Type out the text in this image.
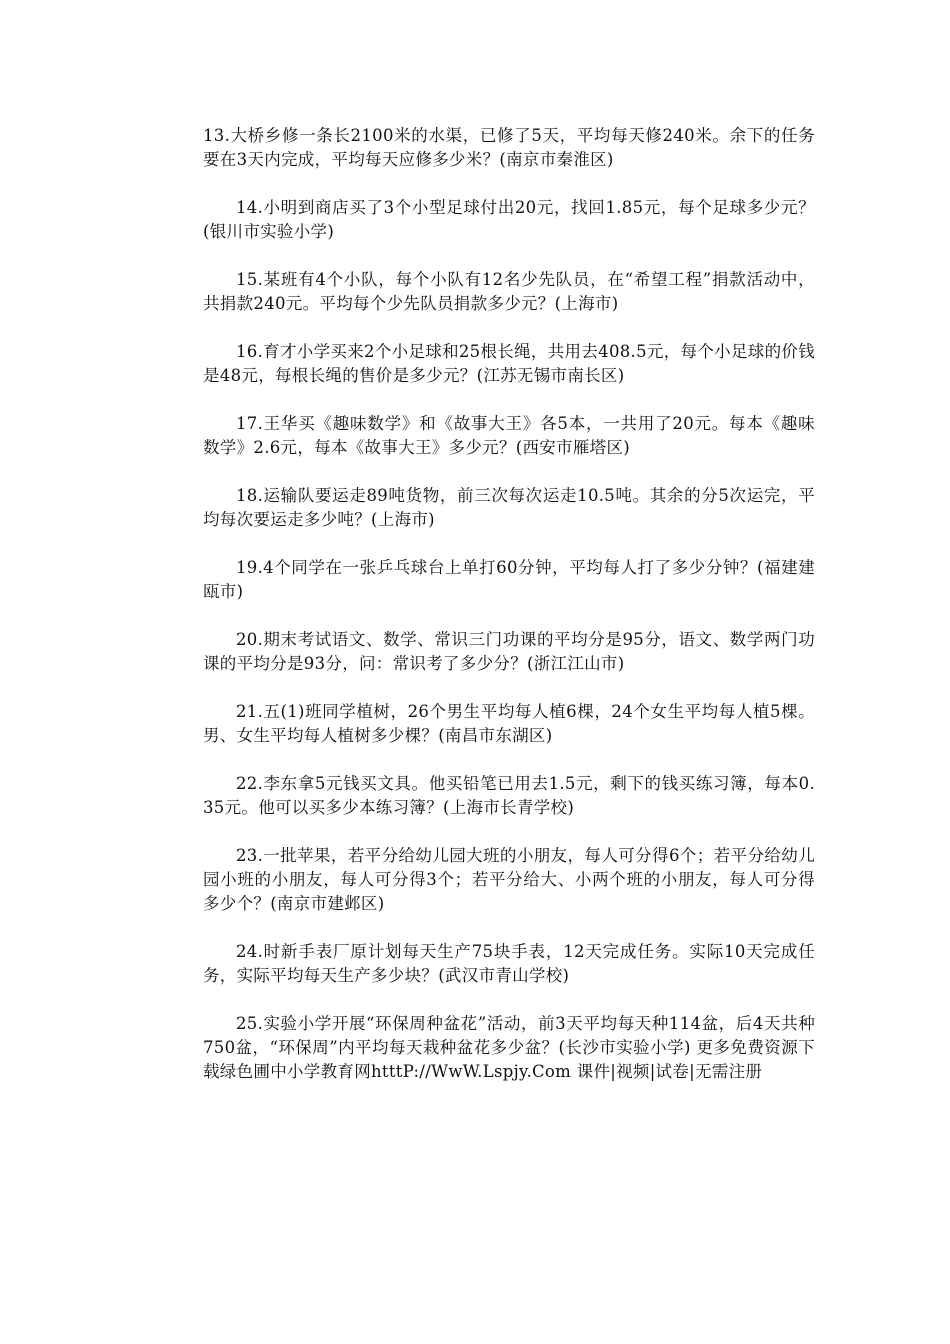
13.大桥乡修一条长2100米的水渠，已修了5天，平均每天修240米。余下的任务要在3天内完成，平均每天应修多少米？(南京市秦淮区)

14.小明到商店买了3个小型足球付出20元，找回1.85元，每个足球多少元？(银川市实验小学)

15.某班有4个小队，每个小队有12名少先队员，在“希望工程”捐款活动中，共捐款240元。平均每个少先队员捐款多少元？(上海市)

16.育才小学买来2个小足球和25根长绳，共用去408.5元，每个小足球的价钱是48元，每根长绳的售价是多少元？(江苏无锡市南长区)

17.王华买《趣味数学》和《故事大王》各5本，一共用了20元。每本《趣味数学》2.6元，每本《故事大王》多少元？(西安市雁塔区)

18.运输队要运走89吨货物，前三次每次运走10.5吨。其余的分5次运完，平均每次要运走多少吨？(上海市)

19.4个同学在一张乒乓球台上单打60分钟，平均每人打了多少分钟？(福建建瓯市)

20.期末考试语文、数学、常识三门功课的平均分是95分，语文、数学两门功课的平均分是93分，问：常识考了多少分？(浙江江山市)

21.五(1)班同学植树，26个男生平均每人植6棵，24个女生平均每人植5棵。男、女生平均每人植树多少棵？(南昌市东湖区)

22.李东拿5元钱买文具。他买铅笔已用去1.5元，剩下的钱买练习簿，每本0.35元。他可以买多少本练习簿？(上海市长青学校)

23.一批苹果，若平分给幼儿园大班的小朋友，每人可分得6个；若平分给幼儿园小班的小朋友，每人可分得3个；若平分给大、小两个班的小朋友，每人可分得多少个？(南京市建邺区)

24.时新手表厂原计划每天生产75块手表，12天完成任务。实际10天完成任务，实际平均每天生产多少块？(武汉市青山学校)

25.实验小学开展“环保周种盆花”活动，前3天平均每天种114盆，后4天共种750盆，“环保周”内平均每天栽种盆花多少盆？(长沙市实验小学) 更多免费资源下载绿色圃中小学教育网htttP://WwW.Lspjy.Com 课件|视频|试卷|无需注册
